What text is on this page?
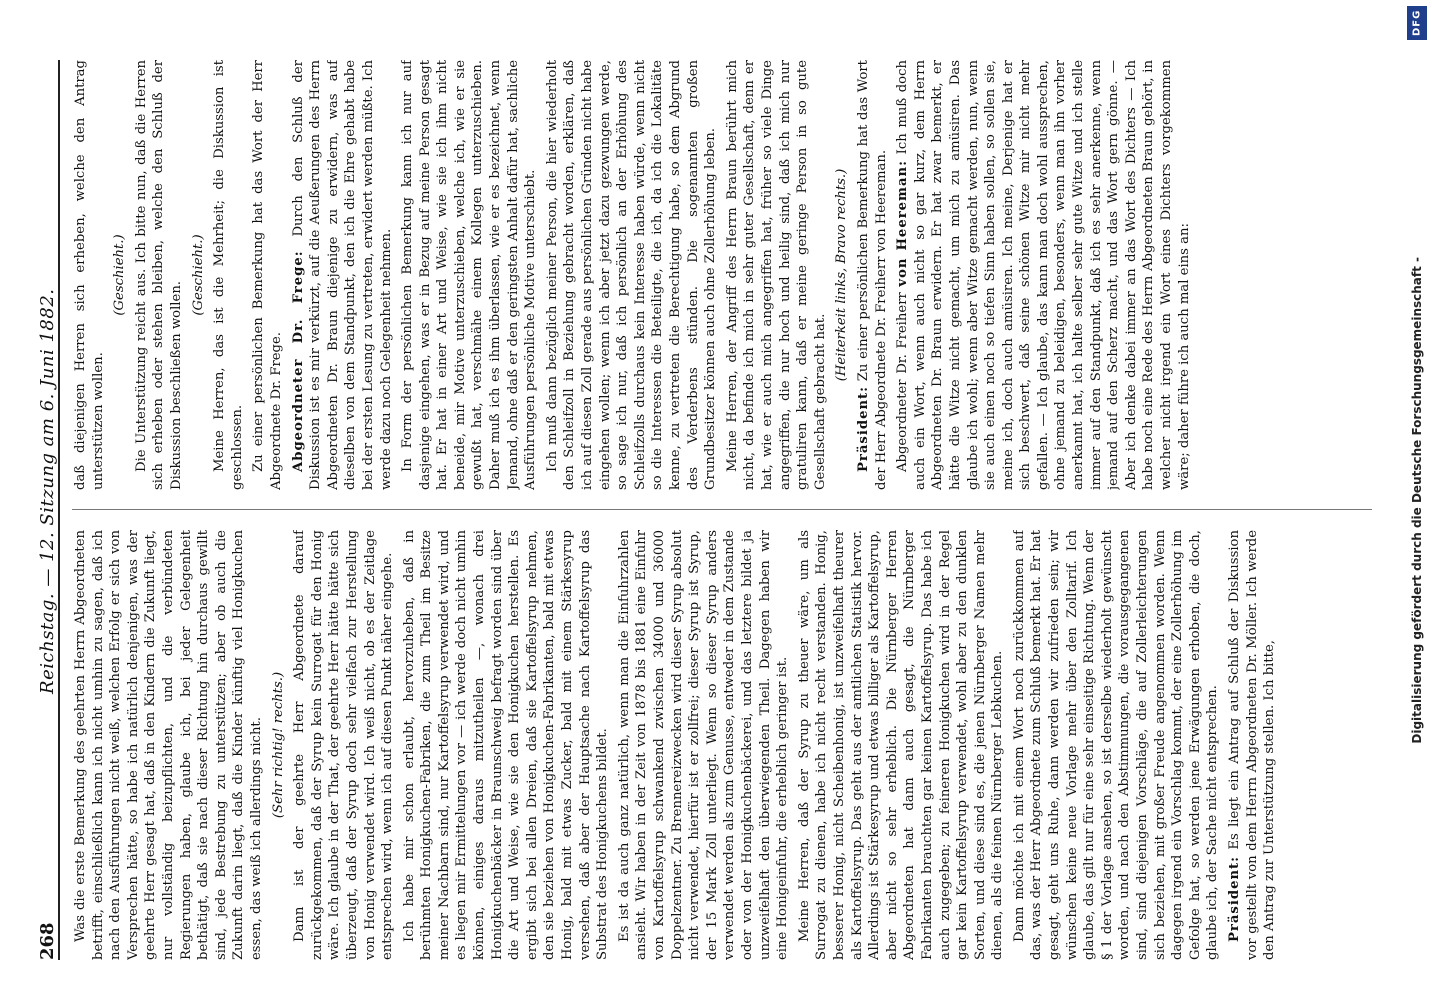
268
Reichstag. — 12. Sitzung am 6. Juni 1882.

Was die erste Bemerkung des geehrten Herrn Abgeordneten betrifft, einschließlich kann ich nicht umhin zu sagen, daß ich nach den Ausführungen nicht weiß, welchen Erfolg er sich von Versprechen hätte, so habe ich natürlich denjenigen, was der geehrte Herr gesagt hat, daß in den Kindern die Zukunft liegt, nur vollständig beizupflichten, und die verbündeten Regierungen haben, glaube ich, bei jeder Gelegenheit bethätigt, daß sie nach dieser Richtung hin durchaus gewillt sind, jede Bestrebung zu unterstützen; aber ob auch die Zukunft darin liegt, daß die Kinder künftig viel Honigkuchen essen, das weiß ich allerdings nicht. (Sehr richtig! rechts.) Dann ist der geehrte Herr Abgeordnete darauf zurückgekommen, daß der Syrup kein Surrogat für den Honig wäre. Ich glaube in der That, der geehrte Herr hätte hätte sich überzeugt, daß der Syrup doch sehr vielfach zur Herstellung von Honig verwendet wird. Ich weiß nicht, ob es der Zeitlage entsprechen wird, wenn ich auf diesen Punkt näher eingehe. Ich habe mir schon erlaubt, hervorzuheben, daß in berühmten Honigkuchen-Fabriken, die zum Theil im Besitze meiner Nachbarn sind, nur Kartoffelsyrup verwendet wird, und es liegen mir Ermittelungen vor — ich werde doch nicht umhin können, einiges daraus mitzutheilen —, wonach drei Honigkuchenbäcker in Braunschweig befragt worden sind über die Art und Weise, wie sie den Honigkuchen herstellen. Es ergibt sich bei allen Dreien, daß sie Kartoffelsyrup nehmen, den sie beziehen von Honigkuchen-Fabrikanten, bald mit etwas Honig, bald mit etwas Zucker, bald mit einem Stärkesyrup versehen, daß aber der Hauptsache nach Kartoffelsyrup das Substrat des Honigkuchens bildet. Es ist da auch ganz natürlich, wenn man die Einfuhrzahlen ansieht. Wir haben in der Zeit von 1878 bis 1881 eine Einfuhr von Kartoffelsyrup schwankend zwischen 34000 und 36000 Doppelzentner. Zu Brennereizwecken wird dieser Syrup absolut nicht verwendet, hierfür ist er zollfrei; dieser Syrup ist Syrup, der 15 Mark Zoll unterliegt. Wenn so dieser Syrup anders verwendet werden als zum Genusse, entweder in dem Zustande oder von der Honigkuchenbäckerei, und das letztere bildet ja unzweifelhaft den überwiegenden Theil. Dagegen haben wir eine Honigeinfuhr, die erheblich geringer ist. Meine Herren, daß der Syrup zu theuer wäre, um als Surrogat zu dienen, habe ich nicht recht verstanden. Honig, besserer Honig, nicht Scheibenhonig, ist unzweifelhaft theurer als Kartoffelsyrup. Das geht aus der amtlichen Statistik hervor. Allerdings ist Stärkesyrup und etwas billiger als Kartoffelsyrup, aber nicht so sehr erheblich. Die Nürnberger Herren Abgeordneten hat dann auch gesagt, die Nürnberger Fabrikanten brauchten gar keinen Kartoffelsyrup. Das habe ich auch zugegeben; zu feineren Honigkuchen wird in der Regel gar kein Kartoffelsyrup verwendet, wohl aber zu den dunklen Sorten, und diese sind es, die jenen Nürnberger Namen mehr dienen, als die feinen Nürnberger Lebkuchen. Dann möchte ich mit einem Wort noch zurückkommen auf das, was der Herr Abgeordnete zum Schluß bemerkt hat. Er hat gesagt, geht uns Ruhe, dann werden wir zufrieden sein; wir wünschen keine neue Vorlage mehr über den Zolltarif. Ich glaube, das gilt nur für eine sehr einseitige Richtung. Wenn der § 1 der Vorlage ansehen, so ist derselbe wiederholt gewünscht worden, und nach den Abstimmungen, die vorausgegangenen sind, sind diejenigen Vorschläge, die auf Zollerleichterungen sich beziehen, mit großer Freude angenommen worden. Wenn dagegen irgend ein Vorschlag kommt, der eine Zollerhöhung im Gefolge hat, so werden jene Erwägungen erhoben, die doch, glaube ich, der Sache nicht entsprechen. Präsident: Es liegt ein Antrag auf Schluß der Diskussion vor gestellt von dem Herrn Abgeordneten Dr. Möller. Ich werde den Antrag zur Unterstützung stellen. Ich bitte,

daß diejenigen Herren sich erheben, welche den Antrag unterstützen wollen.

(Geschieht.) Die Unterstützung reicht aus. Ich bitte nun, daß die Herren sich erheben oder stehen bleiben, welche den Schluß der Diskussion beschließen wollen.

(Geschieht.) Meine Herren, das ist die Mehrheit; die Diskussion ist geschlossen. Zu einer persönlichen Bemerkung hat das Wort der Herr Abgeordnete Dr. Frege. Abgeordneter Dr. Frege: Durch den Schluß der Diskussion ist es mir verkürzt, auf die Aeußerungen des Herrn Abgeordneten Dr. Braun diejenige zu erwidern, was auf dieselben von dem Standpunkt, den ich die Ehre gehabt habe bei der ersten Lesung zu vertreten, erwidert werden müßte. Ich werde dazu noch Gelegenheit nehmen. In Form der persönlichen Bemerkung kann ich nur auf dasjenige eingehen, was er in Bezug auf meine Person gesagt hat. Er hat in einer Art und Weise, wie sie ich ihm nicht beneide, mir Motive unterzuschieben, welche ich, wie er sie gewußt hat, verschmähe einem Kollegen unterzuschieben. Daher muß ich es ihm überlassen, wie er es bezeichnet, wenn Jemand, ohne daß er den geringsten Anhalt dafür hat, sachliche Ausführungen persönliche Motive unterschiebt. Ich muß dann bezüglich meiner Person, die hier wiederholt den Schleifzoll in Beziehung gebracht worden, erklären, daß ich auf diesen Zoll gerade aus persönlichen Gründen nicht habe eingehen wollen; wenn ich aber jetzt dazu gezwungen werde, so sage ich nur, daß ich persönlich an der Erhöhung des Schleifzolls durchaus kein Interesse haben würde, wenn nicht so die Interessen die Beteiligte, die ich, da ich die Lokalitäte kenne, zu vertreten die Berechtigung habe, so dem Abgrund des Verderbens stünden. Die sogenannten großen Grundbesitzer können auch ohne Zollerhöhung leben. Meine Herren, der Angriff des Herrn Braun berührt mich nicht, da befinde ich mich in sehr guter Gesellschaft, denn er hat, wie er auch mich angegriffen hat, früher so viele Dinge angegriffen, die nur hoch und heilig sind, daß ich mich nur gratuliren kann, daß er meine geringe Person in so gute Gesellschaft gebracht hat.

(Heiterkeit links, Bravo rechts.)

Präsident: Zu einer persönlichen Bemerkung hat das Wort der Herr Abgeordnete Dr. Freiherr von Heereman. Abgeordneter Dr. Freiherr von Heereman: Ich muß doch auch ein Wort, wenn auch nicht so gar kurz, dem Herrn Abgeordneten Dr. Braun erwidern. Er hat zwar bemerkt, er hätte die Witze nicht gemacht, um mich zu amüsiren. Das glaube ich wohl; wenn aber Witze gemacht werden, nun, wenn sie auch einen noch so tiefen Sinn haben sollen, so sollen sie, meine ich, doch auch amüsiren. Ich meine, Derjenige hat er sich beschwert, daß seine schönen Witze mir nicht mehr gefallen. — Ich glaube, das kann man doch wohl aussprechen, ohne jemand zu beleidigen, besonders, wenn man ihn vorher anerkannt hat, ich halte selber sehr gute Witze und ich stelle immer auf den Standpunkt, daß ich es sehr anerkenne, wenn jemand auf den Scherz macht, und das Wort gern gönne. — Aber ich denke dabei immer an das Wort des Dichters — Ich habe noch eine Rede des Herrn Abgeordneten Braun gehört, in welcher nicht irgend ein Wort eines Dichters vorgekommen wäre; daher führe ich auch mal eins an:

DFG
Digitalisierung gefördert durch die Deutsche Forschungsgemeinschaft -
